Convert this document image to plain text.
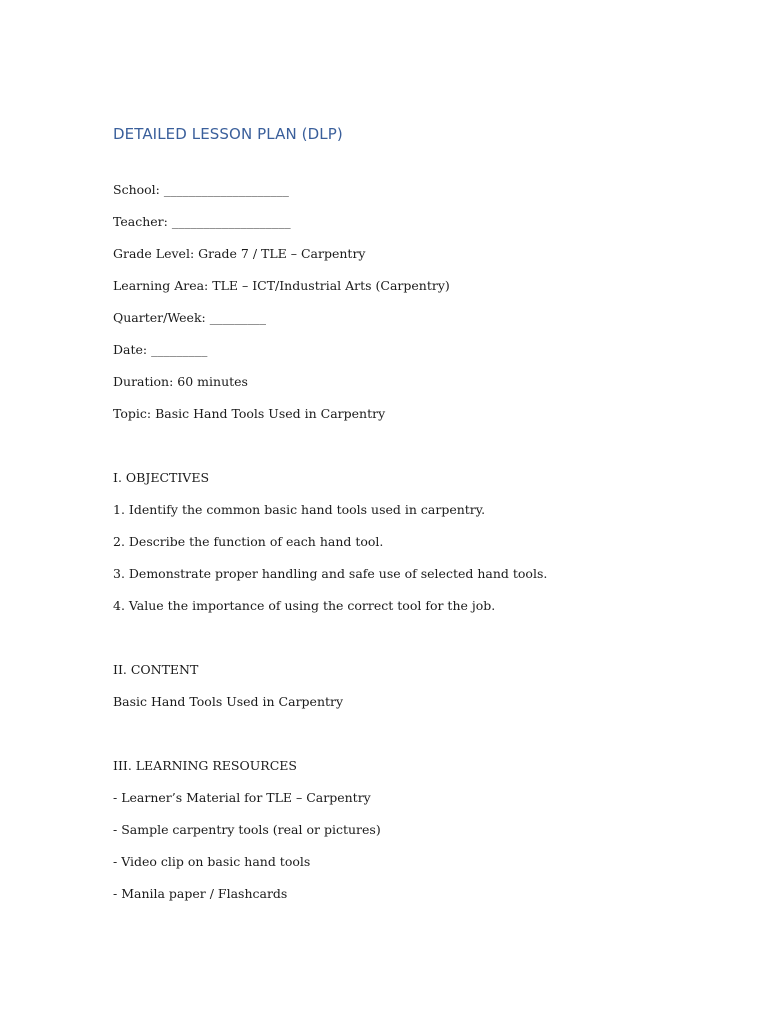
DETAILED LESSON PLAN (DLP)
School: ____________________
Teacher: ___________________
Grade Level: Grade 7 / TLE – Carpentry
Learning Area: TLE – ICT/Industrial Arts (Carpentry)
Quarter/Week: _________
Date: _________
Duration: 60 minutes
Topic: Basic Hand Tools Used in Carpentry
I. OBJECTIVES
1. Identify the common basic hand tools used in carpentry.
2. Describe the function of each hand tool.
3. Demonstrate proper handling and safe use of selected hand tools.
4. Value the importance of using the correct tool for the job.
II. CONTENT
Basic Hand Tools Used in Carpentry
III. LEARNING RESOURCES
- Learner’s Material for TLE – Carpentry
- Sample carpentry tools (real or pictures)
- Video clip on basic hand tools
- Manila paper / Flashcards
